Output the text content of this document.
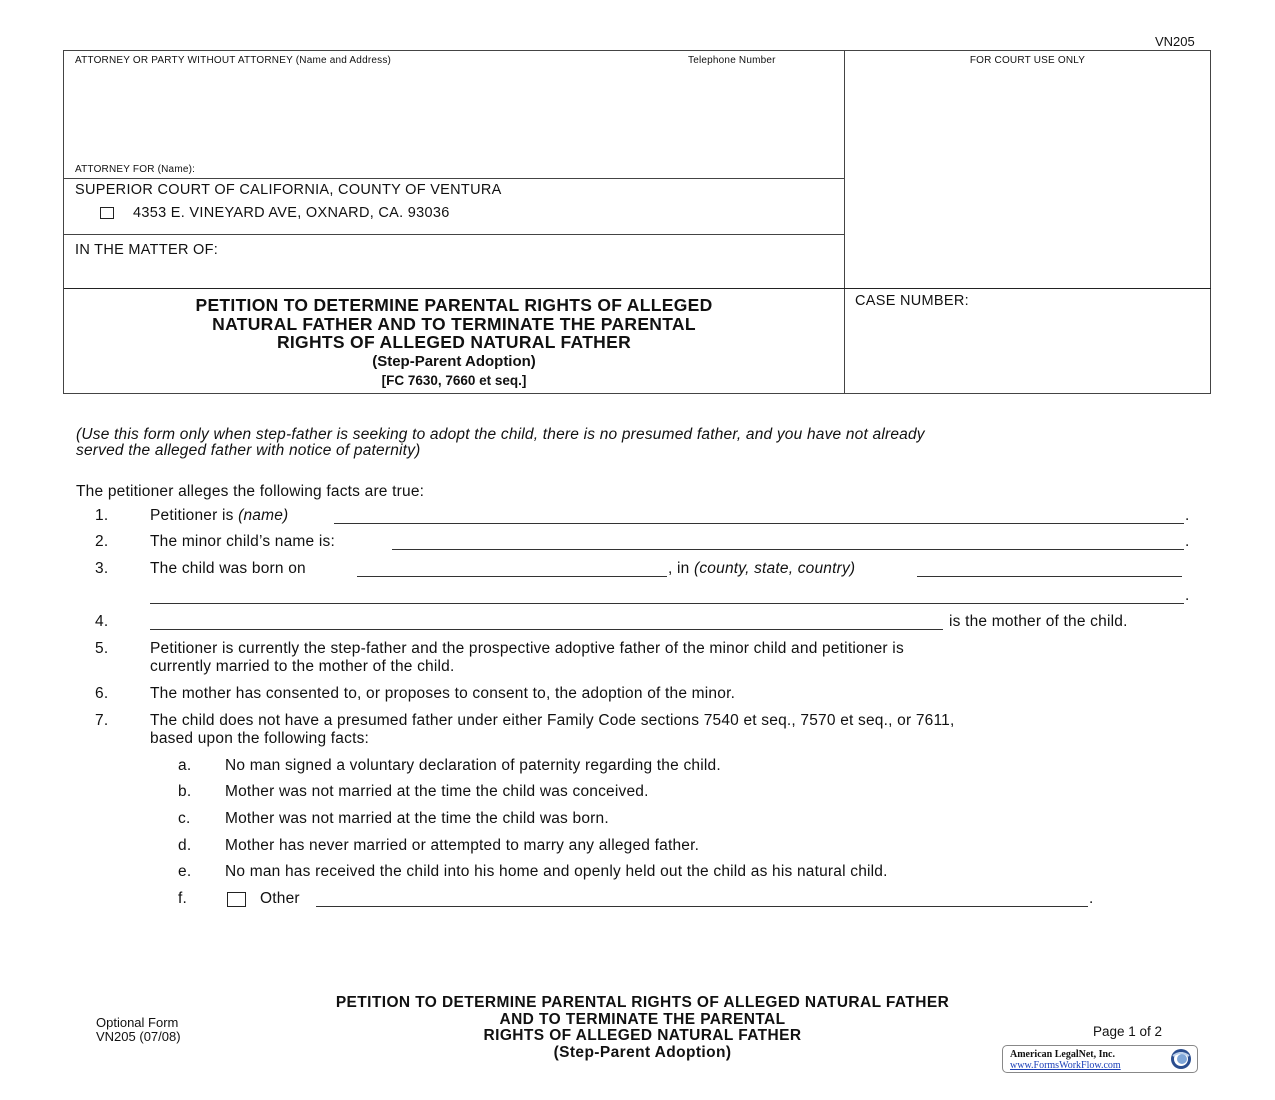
VN205
ATTORNEY OR PARTY WITHOUT ATTORNEY (Name and Address)	Telephone Number	FOR COURT USE ONLY
ATTORNEY FOR (Name):
SUPERIOR COURT OF CALIFORNIA, COUNTY OF VENTURA
4353 E. VINEYARD AVE, OXNARD, CA. 93036
IN THE MATTER OF:
CASE NUMBER:
PETITION TO DETERMINE PARENTAL RIGHTS OF ALLEGED
NATURAL FATHER AND TO TERMINATE THE PARENTAL
RIGHTS OF ALLEGED NATURAL FATHER
(Step-Parent Adoption)
[FC 7630, 7660 et seq.]
(Use this form only when step-father is seeking to adopt the child, there is no presumed father, and you have not already
served the alleged father with notice of paternity)
The petitioner alleges the following facts are true:
1.	Petitioner is (name)	.
2.	The minor child’s name is:	.
3.	The child was born on	, in (county, state, country)
.
4.	is the mother of the child.
5.	Petitioner is currently the step-father and the prospective adoptive father of the minor child and petitioner is
currently married to the mother of the child.
6.	The mother has consented to, or proposes to consent to, the adoption of the minor.
7.	The child does not have a presumed father under either Family Code sections 7540 et seq., 7570 et seq., or 7611,
based upon the following facts:
a. No man signed a voluntary declaration of paternity regarding the child.
b. Mother was not married at the time the child was conceived.
c. Mother was not married at the time the child was born.
d. Mother has never married or attempted to marry any alleged father.
e. No man has received the child into his home and openly held out the child as his natural child.
f.	Other	.
Optional Form
VN205 (07/08)
PETITION TO DETERMINE PARENTAL RIGHTS OF ALLEGED NATURAL FATHER
AND TO TERMINATE THE PARENTAL
RIGHTS OF ALLEGED NATURAL FATHER
(Step-Parent Adoption)
Page 1 of 2
American LegalNet, Inc.
www.FormsWorkFlow.com
